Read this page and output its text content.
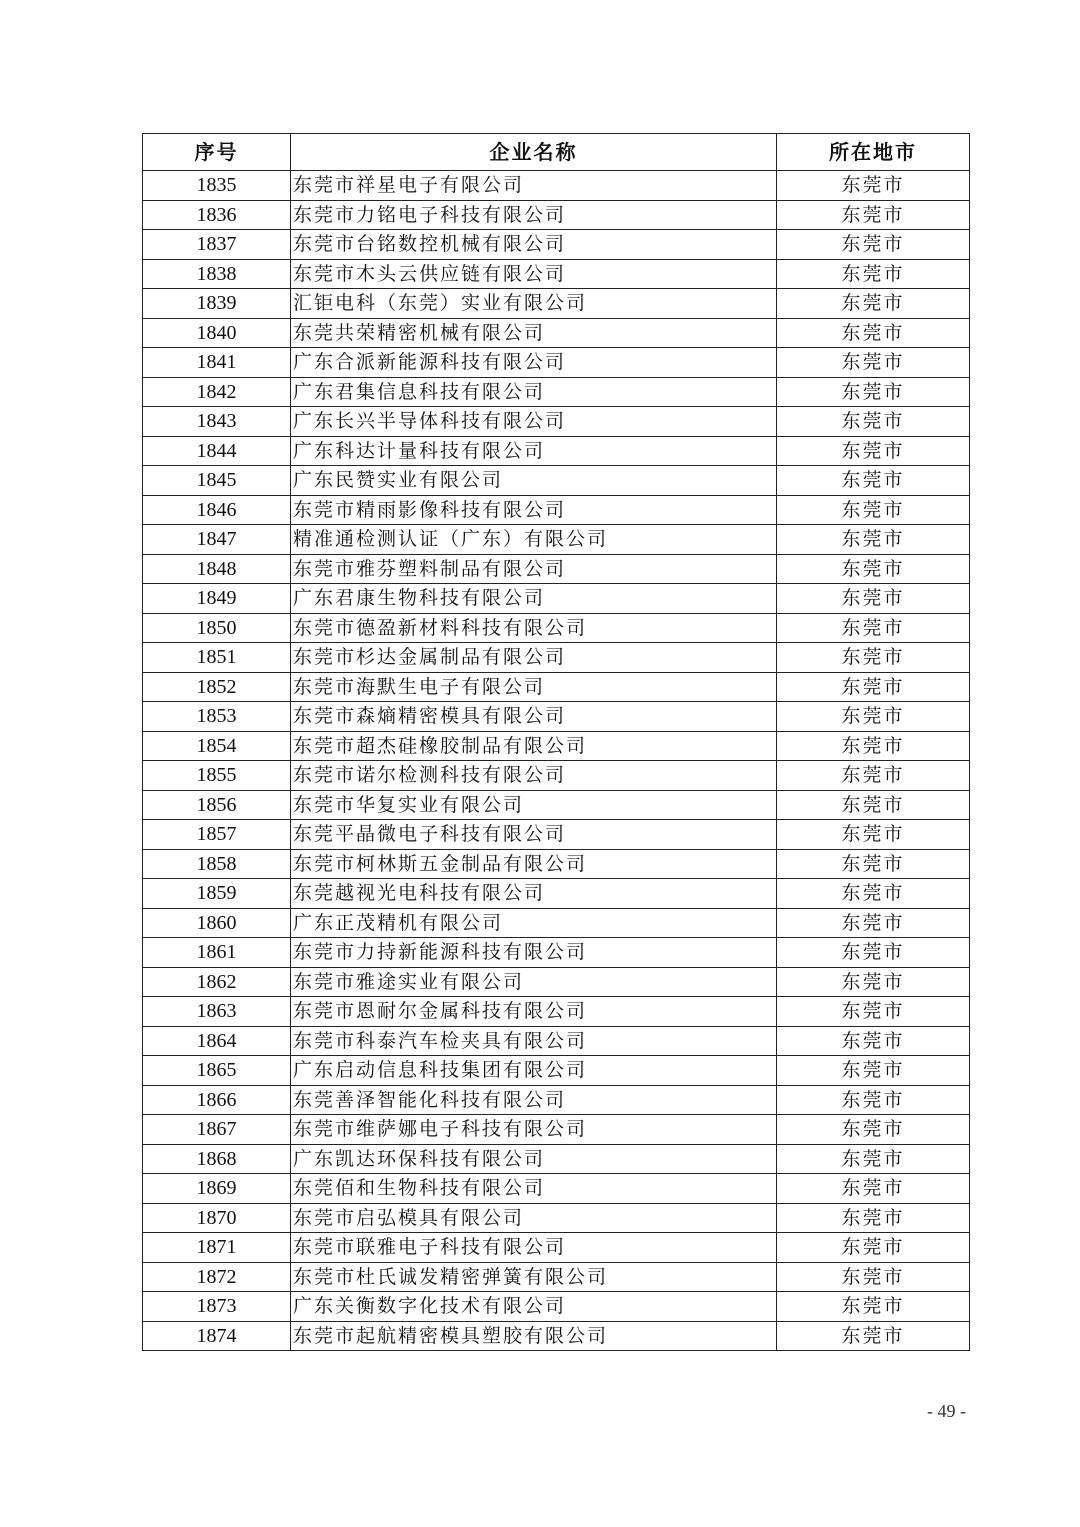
序号	企业名称	所在地市
1835	东莞市祥星电子有限公司	东莞市
1836	东莞市力铭电子科技有限公司	东莞市
1837	东莞市台铭数控机械有限公司	东莞市
1838	东莞市木头云供应链有限公司	东莞市
1839	汇钜电科（东莞）实业有限公司	东莞市
1840	东莞共荣精密机械有限公司	东莞市
1841	广东合派新能源科技有限公司	东莞市
1842	广东君集信息科技有限公司	东莞市
1843	广东长兴半导体科技有限公司	东莞市
1844	广东科达计量科技有限公司	东莞市
1845	广东民赞实业有限公司	东莞市
1846	东莞市精雨影像科技有限公司	东莞市
1847	精准通检测认证（广东）有限公司	东莞市
1848	东莞市雅芬塑料制品有限公司	东莞市
1849	广东君康生物科技有限公司	东莞市
1850	东莞市德盈新材料科技有限公司	东莞市
1851	东莞市杉达金属制品有限公司	东莞市
1852	东莞市海默生电子有限公司	东莞市
1853	东莞市森熵精密模具有限公司	东莞市
1854	东莞市超杰硅橡胶制品有限公司	东莞市
1855	东莞市诺尔检测科技有限公司	东莞市
1856	东莞市华复实业有限公司	东莞市
1857	东莞平晶微电子科技有限公司	东莞市
1858	东莞市柯林斯五金制品有限公司	东莞市
1859	东莞越视光电科技有限公司	东莞市
1860	广东正茂精机有限公司	东莞市
1861	东莞市力持新能源科技有限公司	东莞市
1862	东莞市雅途实业有限公司	东莞市
1863	东莞市恩耐尔金属科技有限公司	东莞市
1864	东莞市科泰汽车检夹具有限公司	东莞市
1865	广东启动信息科技集团有限公司	东莞市
1866	东莞善泽智能化科技有限公司	东莞市
1867	东莞市维萨娜电子科技有限公司	东莞市
1868	广东凯达环保科技有限公司	东莞市
1869	东莞佰和生物科技有限公司	东莞市
1870	东莞市启弘模具有限公司	东莞市
1871	东莞市联雅电子科技有限公司	东莞市
1872	东莞市杜氏诚发精密弹簧有限公司	东莞市
1873	广东关衡数字化技术有限公司	东莞市
1874	东莞市起航精密模具塑胶有限公司	东莞市
- 49 -
